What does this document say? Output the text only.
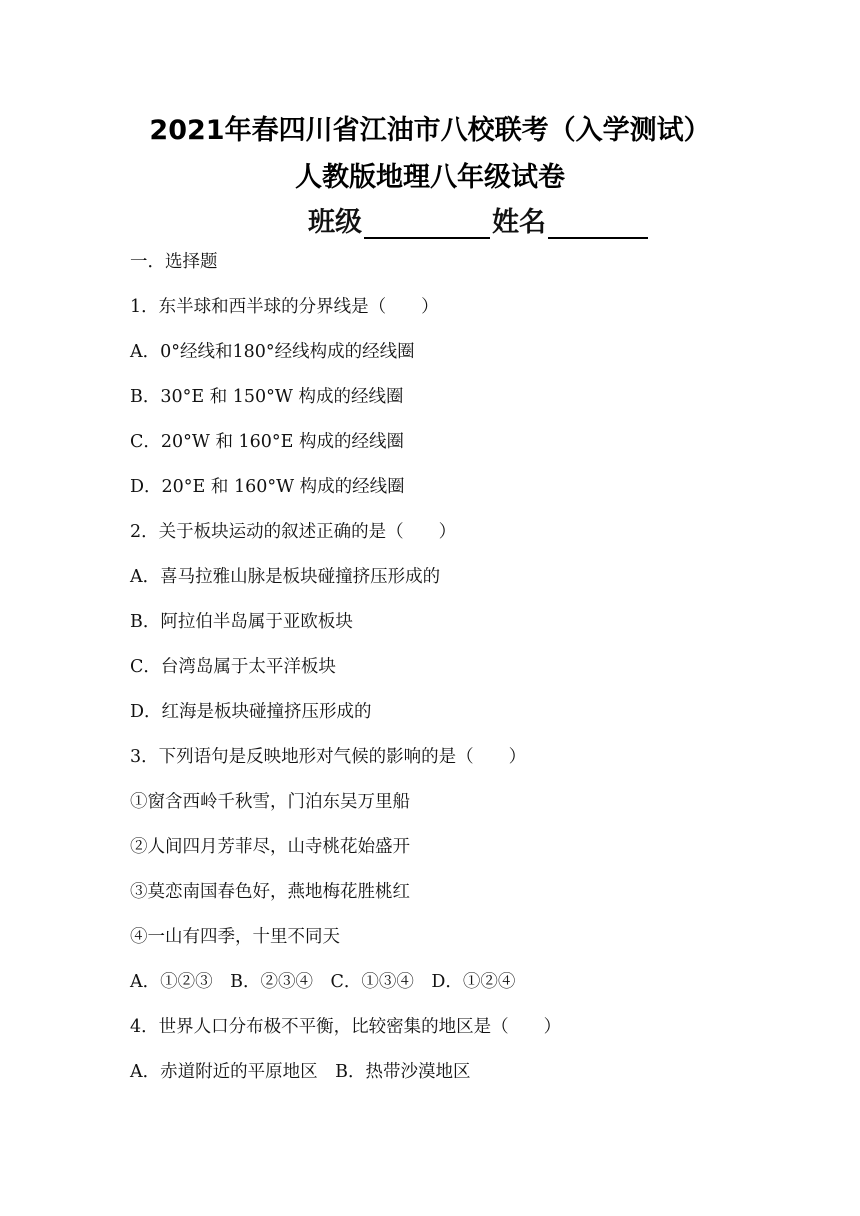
2021年春四川省江油市八校联考（入学测试）
人教版地理八年级试卷
班级	姓名
一．选择题
1．东半球和西半球的分界线是（　　）
A．0°经线和180°经线构成的经线圈
B．30°E 和 150°W 构成的经线圈
C．20°W 和 160°E 构成的经线圈
D．20°E 和 160°W 构成的经线圈
2．关于板块运动的叙述正确的是（　　）
A．喜马拉雅山脉是板块碰撞挤压形成的
B．阿拉伯半岛属于亚欧板块
C．台湾岛属于太平洋板块
D．红海是板块碰撞挤压形成的
3．下列语句是反映地形对气候的影响的是（　　）
①窗含西岭千秋雪，门泊东吴万里船
②人间四月芳菲尽，山寺桃花始盛开
③莫恋南国春色好，燕地梅花胜桃红
④一山有四季，十里不同天
A．①②③　B．②③④　C．①③④　D．①②④
4．世界人口分布极不平衡，比较密集的地区是（　　）
A．赤道附近的平原地区　B．热带沙漠地区
